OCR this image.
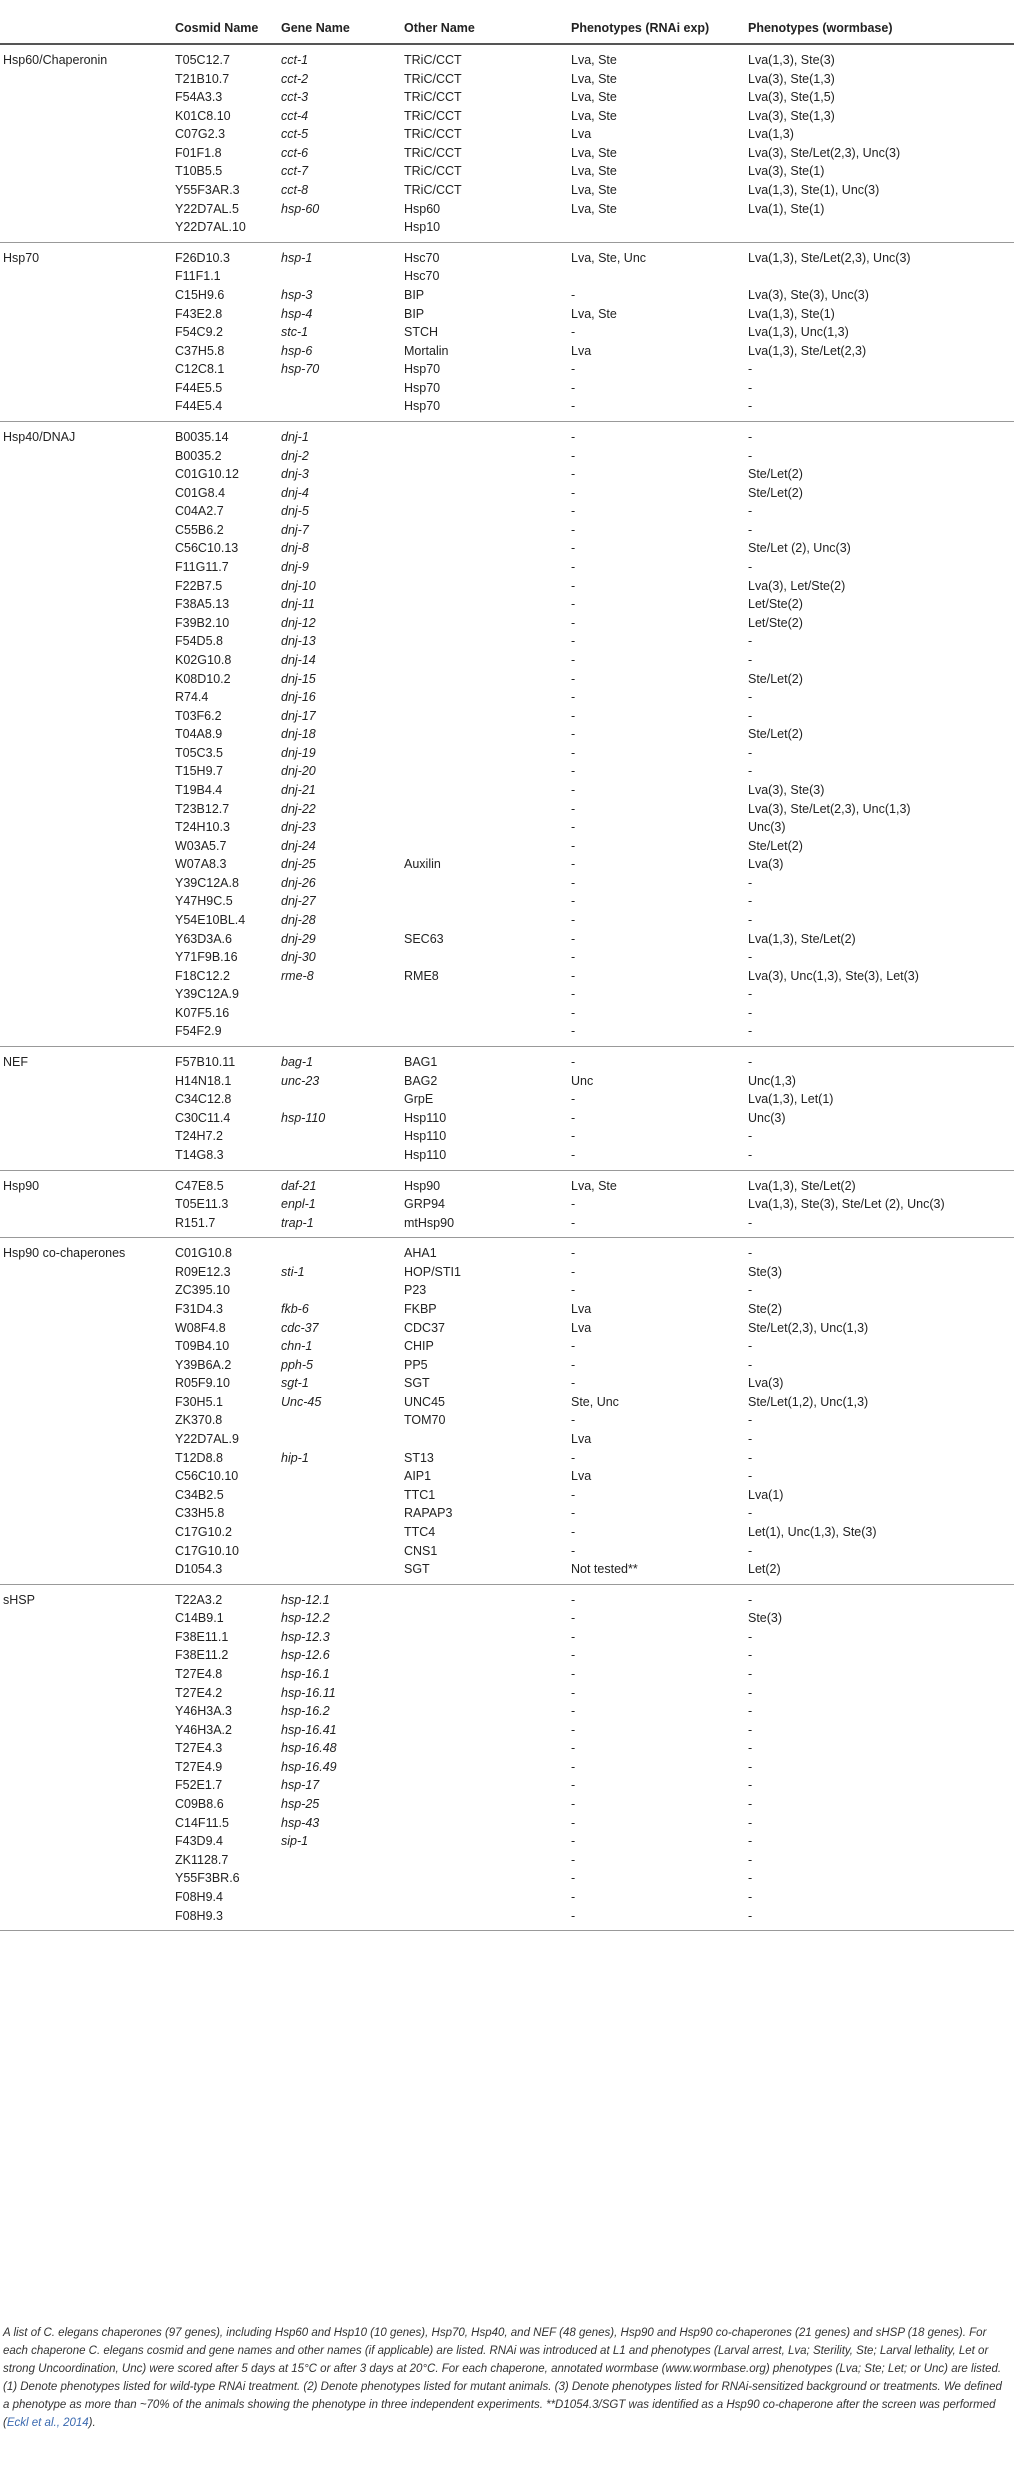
	Cosmid Name	Gene Name	Other Name	Phenotypes (RNAi exp)	Phenotypes (wormbase)
Hsp60/Chaperonin	T05C12.7	cct-1	TRiC/CCT	Lva, Ste	Lva(1,3), Ste(3)
	T21B10.7	cct-2	TRiC/CCT	Lva, Ste	Lva(3), Ste(1,3)
	F54A3.3	cct-3	TRiC/CCT	Lva, Ste	Lva(3), Ste(1,5)
	K01C8.10	cct-4	TRiC/CCT	Lva, Ste	Lva(3), Ste(1,3)
	C07G2.3	cct-5	TRiC/CCT	Lva	Lva(1,3)
	F01F1.8	cct-6	TRiC/CCT	Lva, Ste	Lva(3), Ste/Let(2,3), Unc(3)
	T10B5.5	cct-7	TRiC/CCT	Lva, Ste	Lva(3), Ste(1)
	Y55F3AR.3	cct-8	TRiC/CCT	Lva, Ste	Lva(1,3), Ste(1), Unc(3)
	Y22D7AL.5	hsp-60	Hsp60	Lva, Ste	Lva(1), Ste(1)
	Y22D7AL.10		Hsp10		
Hsp70	F26D10.3	hsp-1	Hsc70	Lva, Ste, Unc	Lva(1,3), Ste/Let(2,3), Unc(3)
	F11F1.1		Hsc70		
	C15H9.6	hsp-3	BIP	-	Lva(3), Ste(3), Unc(3)
	F43E2.8	hsp-4	BIP	Lva, Ste	Lva(1,3), Ste(1)
	F54C9.2	stc-1	STCH	-	Lva(1,3), Unc(1,3)
	C37H5.8	hsp-6	Mortalin	Lva	Lva(1,3), Ste/Let(2,3)
	C12C8.1	hsp-70	Hsp70	-	-
	F44E5.5		Hsp70	-	-
	F44E5.4		Hsp70	-	-
Hsp40/DNAJ	B0035.14	dnj-1		-	-
	B0035.2	dnj-2		-	-
	C01G10.12	dnj-3		-	Ste/Let(2)
	C01G8.4	dnj-4		-	Ste/Let(2)
	C04A2.7	dnj-5		-	-
	C55B6.2	dnj-7		-	-
	C56C10.13	dnj-8		-	Ste/Let (2), Unc(3)
	F11G11.7	dnj-9		-	-
	F22B7.5	dnj-10		-	Lva(3), Let/Ste(2)
	F38A5.13	dnj-11		-	Let/Ste(2)
	F39B2.10	dnj-12		-	Let/Ste(2)
	F54D5.8	dnj-13		-	-
	K02G10.8	dnj-14		-	-
	K08D10.2	dnj-15		-	Ste/Let(2)
	R74.4	dnj-16		-	-
	T03F6.2	dnj-17		-	-
	T04A8.9	dnj-18		-	Ste/Let(2)
	T05C3.5	dnj-19		-	-
	T15H9.7	dnj-20		-	-
	T19B4.4	dnj-21		-	Lva(3), Ste(3)
	T23B12.7	dnj-22		-	Lva(3), Ste/Let(2,3), Unc(1,3)
	T24H10.3	dnj-23		-	Unc(3)
	W03A5.7	dnj-24		-	Ste/Let(2)
	W07A8.3	dnj-25	Auxilin	-	Lva(3)
	Y39C12A.8	dnj-26		-	-
	Y47H9C.5	dnj-27		-	-
	Y54E10BL.4	dnj-28		-	-
	Y63D3A.6	dnj-29	SEC63	-	Lva(1,3), Ste/Let(2)
	Y71F9B.16	dnj-30		-	-
	F18C12.2	rme-8	RME8	-	Lva(3), Unc(1,3), Ste(3), Let(3)
	Y39C12A.9			-	-
	K07F5.16			-	-
	F54F2.9			-	-
NEF	F57B10.11	bag-1	BAG1	-	-
	H14N18.1	unc-23	BAG2	Unc	Unc(1,3)
	C34C12.8		GrpE	-	Lva(1,3), Let(1)
	C30C11.4	hsp-110	Hsp110	-	Unc(3)
	T24H7.2		Hsp110	-	-
	T14G8.3		Hsp110	-	-
Hsp90	C47E8.5	daf-21	Hsp90	Lva, Ste	Lva(1,3), Ste/Let(2)
	T05E11.3	enpl-1	GRP94	-	Lva(1,3), Ste(3), Ste/Let (2), Unc(3)
	R151.7	trap-1	mtHsp90	-	-
Hsp90 co-chaperones	C01G10.8		AHA1	-	-
	R09E12.3	sti-1	HOP/STI1	-	Ste(3)
	ZC395.10		P23	-	-
	F31D4.3	fkb-6	FKBP	Lva	Ste(2)
	W08F4.8	cdc-37	CDC37	Lva	Ste/Let(2,3), Unc(1,3)
	T09B4.10	chn-1	CHIP	-	-
	Y39B6A.2	pph-5	PP5	-	-
	R05F9.10	sgt-1	SGT	-	Lva(3)
	F30H5.1	Unc-45	UNC45	Ste, Unc	Ste/Let(1,2), Unc(1,3)
	ZK370.8		TOM70	-	-
	Y22D7AL.9			Lva	-
	T12D8.8	hip-1	ST13	-	-
	C56C10.10		AIP1	Lva	-
	C34B2.5		TTC1	-	Lva(1)
	C33H5.8		RAPAP3	-	-
	C17G10.2		TTC4	-	Let(1), Unc(1,3), Ste(3)
	C17G10.10		CNS1	-	-
	D1054.3		SGT	Not tested**	Let(2)
sHSP	T22A3.2	hsp-12.1		-	-
	C14B9.1	hsp-12.2		-	Ste(3)
	F38E11.1	hsp-12.3		-	-
	F38E11.2	hsp-12.6		-	-
	T27E4.8	hsp-16.1		-	-
	T27E4.2	hsp-16.11		-	-
	Y46H3A.3	hsp-16.2		-	-
	Y46H3A.2	hsp-16.41		-	-
	T27E4.3	hsp-16.48		-	-
	T27E4.9	hsp-16.49		-	-
	F52E1.7	hsp-17		-	-
	C09B8.6	hsp-25		-	-
	C14F11.5	hsp-43		-	-
	F43D9.4	sip-1		-	-
	ZK1128.7			-	-
	Y55F3BR.6			-	-
	F08H9.4			-	-
	F08H9.3			-	-
A list of C. elegans chaperones (97 genes), including Hsp60 and Hsp10 (10 genes), Hsp70, Hsp40, and NEF (48 genes), Hsp90 and Hsp90 co-chaperones (21 genes) and sHSP (18 genes). For each chaperone C. elegans cosmid and gene names and other names (if applicable) are listed. RNAi was introduced at L1 and phenotypes (Larval arrest, Lva; Sterility, Ste; Larval lethality, Let or strong Uncoordination, Unc) were scored after 5 days at 15°C or after 3 days at 20°C. For each chaperone, annotated wormbase (www.wormbase.org) phenotypes (Lva; Ste; Let; or Unc) are listed. (1) Denote phenotypes listed for wild-type RNAi treatment. (2) Denote phenotypes listed for mutant animals. (3) Denote phenotypes listed for RNAi-sensitized background or treatments. We defined a phenotype as more than ~70% of the animals showing the phenotype in three independent experiments. **D1054.3/SGT was identified as a Hsp90 co-chaperone after the screen was performed (Eckl et al., 2014).
